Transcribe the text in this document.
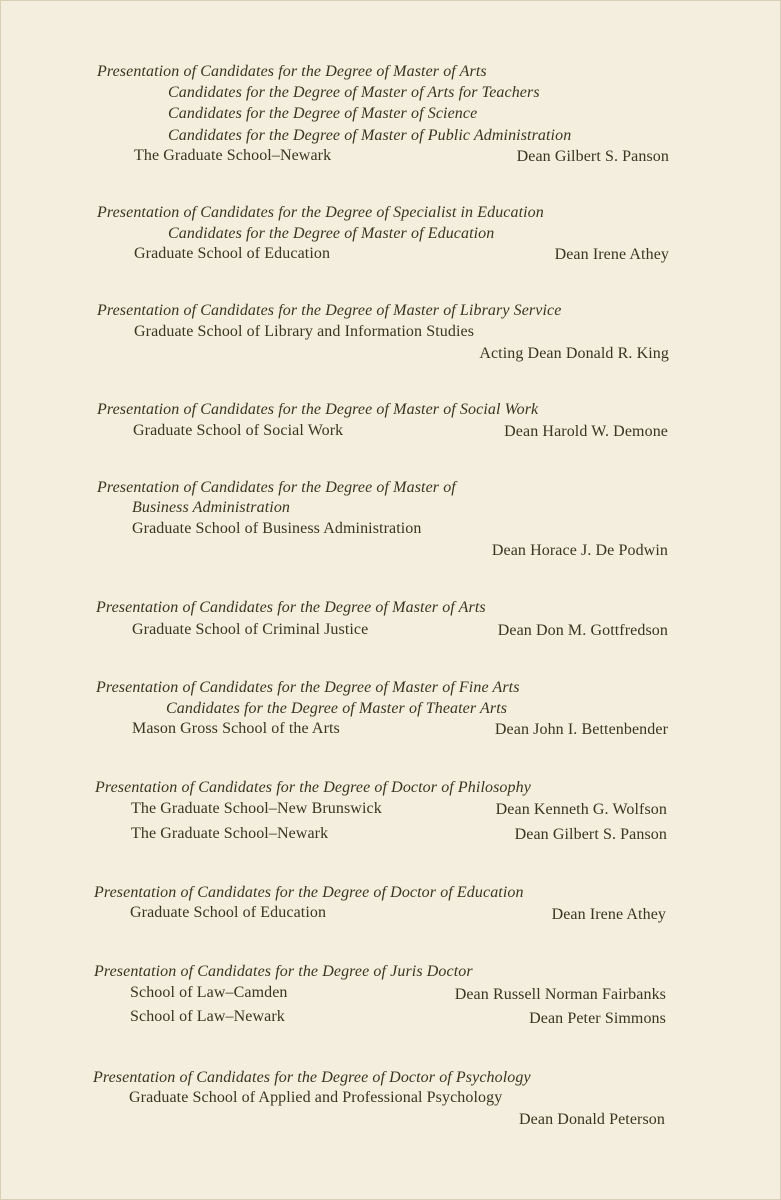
Presentation of Candidates for the Degree of Master of Arts
Candidates for the Degree of Master of Arts for Teachers
Candidates for the Degree of Master of Science
Candidates for the Degree of Master of Public Administration
The Graduate School–Newark	Dean Gilbert S. Panson
Presentation of Candidates for the Degree of Specialist in Education
Candidates for the Degree of Master of Education
Graduate School of Education	Dean Irene Athey
Presentation of Candidates for the Degree of Master of Library Service
Graduate School of Library and Information Studies
Acting Dean Donald R. King
Presentation of Candidates for the Degree of Master of Social Work
Graduate School of Social Work	Dean Harold W. Demone
Presentation of Candidates for the Degree of Master of
Business Administration
Graduate School of Business Administration
Dean Horace J. De Podwin
Presentation of Candidates for the Degree of Master of Arts
Graduate School of Criminal Justice	Dean Don M. Gottfredson
Presentation of Candidates for the Degree of Master of Fine Arts
Candidates for the Degree of Master of Theater Arts
Mason Gross School of the Arts	Dean John I. Bettenbender
Presentation of Candidates for the Degree of Doctor of Philosophy
The Graduate School–New Brunswick	Dean Kenneth G. Wolfson
The Graduate School–Newark	Dean Gilbert S. Panson
Presentation of Candidates for the Degree of Doctor of Education
Graduate School of Education	Dean Irene Athey
Presentation of Candidates for the Degree of Juris Doctor
School of Law–Camden	Dean Russell Norman Fairbanks
School of Law–Newark	Dean Peter Simmons
Presentation of Candidates for the Degree of Doctor of Psychology
Graduate School of Applied and Professional Psychology
Dean Donald Peterson
